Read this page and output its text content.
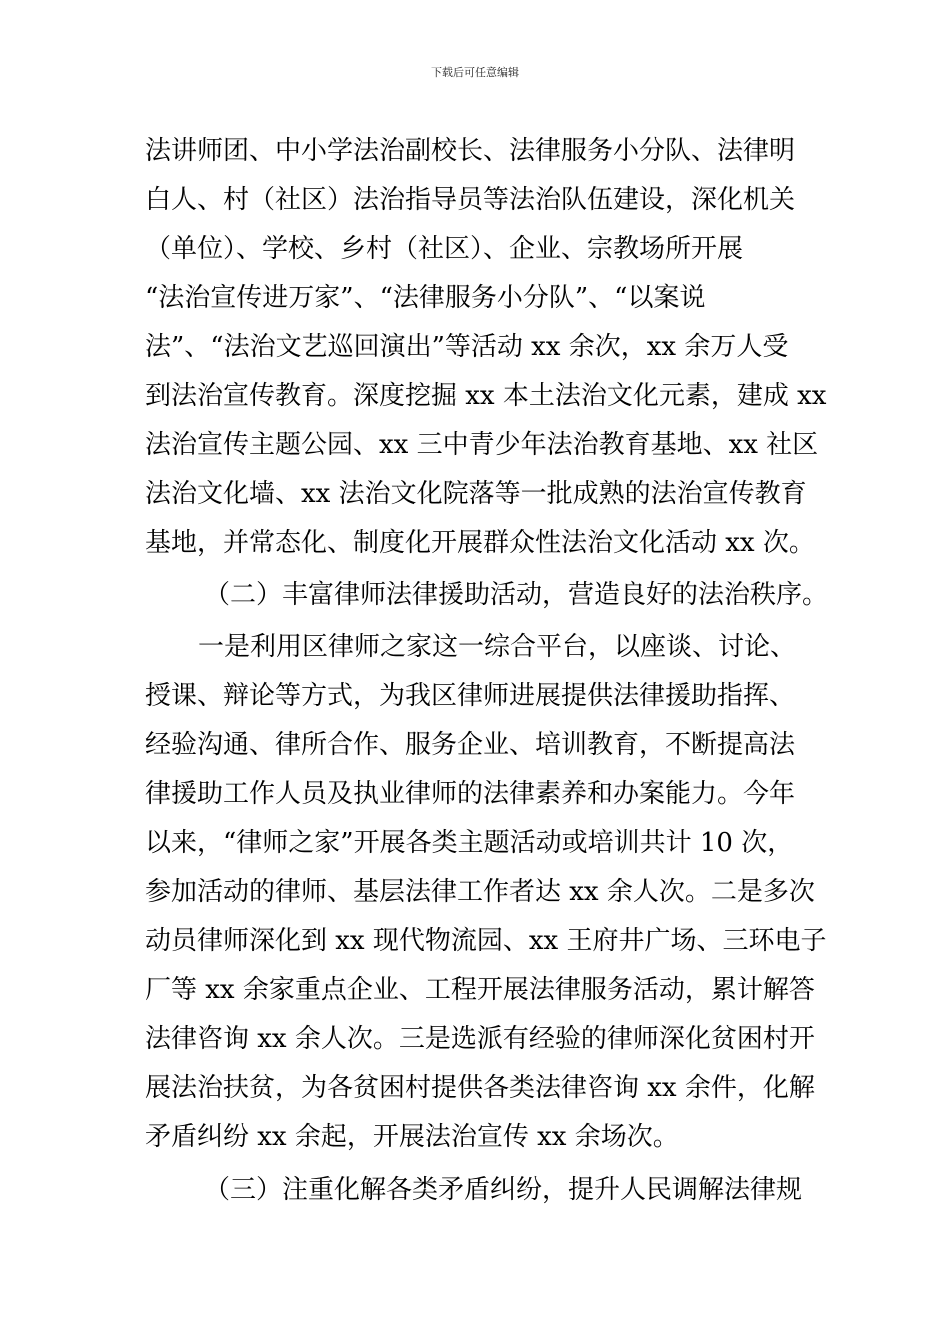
下载后可任意编辑
法讲师团、中小学法治副校长、法律服务小分队、法律明
白人、村（社区）法治指导员等法治队伍建设，深化机关
（单位）、学校、乡村（社区）、企业、宗教场所开展
“法治宣传进万家”、“法律服务小分队”、“以案说
法”、“法治文艺巡回演出”等活动 xx 余次，xx 余万人受
到法治宣传教育。深度挖掘 xx 本土法治文化元素，建成 xx
法治宣传主题公园、xx 三中青少年法治教育基地、xx 社区
法治文化墙、xx 法治文化院落等一批成熟的法治宣传教育
基地，并常态化、制度化开展群众性法治文化活动 xx 次。
（二）丰富律师法律援助活动，营造良好的法治秩序。
一是利用区律师之家这一综合平台，以座谈、讨论、
授课、辩论等方式，为我区律师进展提供法律援助指挥、
经验沟通、律所合作、服务企业、培训教育，不断提高法
律援助工作人员及执业律师的法律素养和办案能力。今年
以来，“律师之家”开展各类主题活动或培训共计 10 次，
参加活动的律师、基层法律工作者达 xx 余人次。二是多次
动员律师深化到 xx 现代物流园、xx 王府井广场、三环电子
厂等 xx 余家重点企业、工程开展法律服务活动，累计解答
法律咨询 xx 余人次。三是选派有经验的律师深化贫困村开
展法治扶贫，为各贫困村提供各类法律咨询 xx 余件，化解
矛盾纠纷 xx 余起，开展法治宣传 xx 余场次。
（三）注重化解各类矛盾纠纷，提升人民调解法律规
